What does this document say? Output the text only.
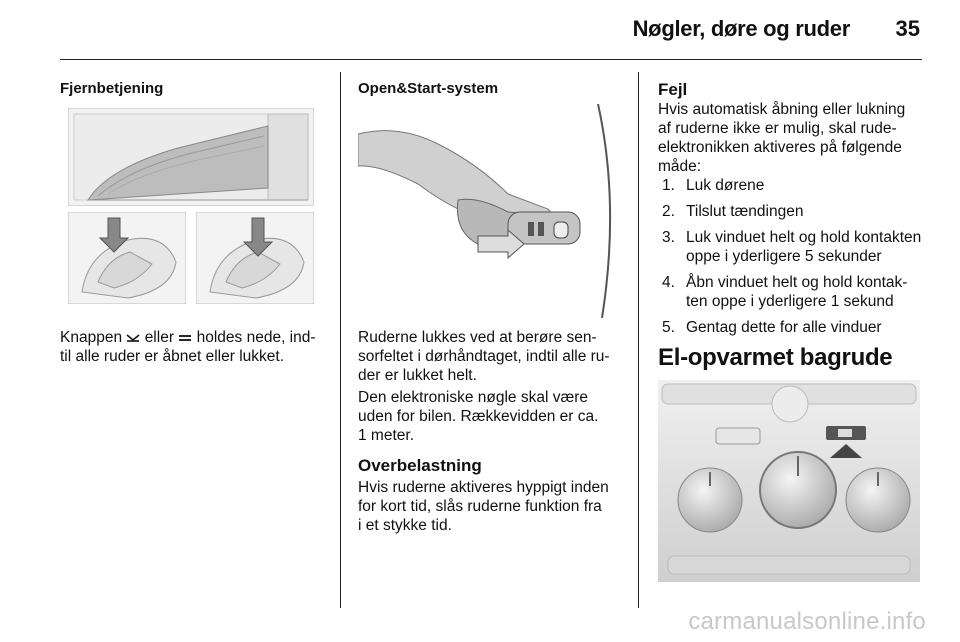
Nøgler, døre og ruder 35
Fjernbetjening

Knappen eller holdes nede, ind-

til alle ruder er åbnet eller lukket.

Open&Start-system

Ruderne lukkes ved at berøre sen-

sorfeltet i dørhåndtaget, indtil alle ru-

der er lukket helt.

Den elektroniske nøgle skal være

uden for bilen. Rækkevidden er ca.

1 meter.

Overbelastning

Hvis ruderne aktiveres hyppigt inden

for kort tid, slås ruderne funktion fra

i et stykke tid.

Fejl

Hvis automatisk åbning eller lukning

af ruderne ikke er mulig, skal rude-

elektronikken aktiveres på følgende

måde:

1. Luk dørene
2. Tilslut tændingen
3. Luk vinduet helt og hold kontakten
oppe i yderligere 5 sekunder
4. Åbn vinduet helt og hold kontak-
ten oppe i yderligere 1 sekund
5. Gentag dette for alle vinduer
El-opvarmet bagrude
carmanualsonline.info
